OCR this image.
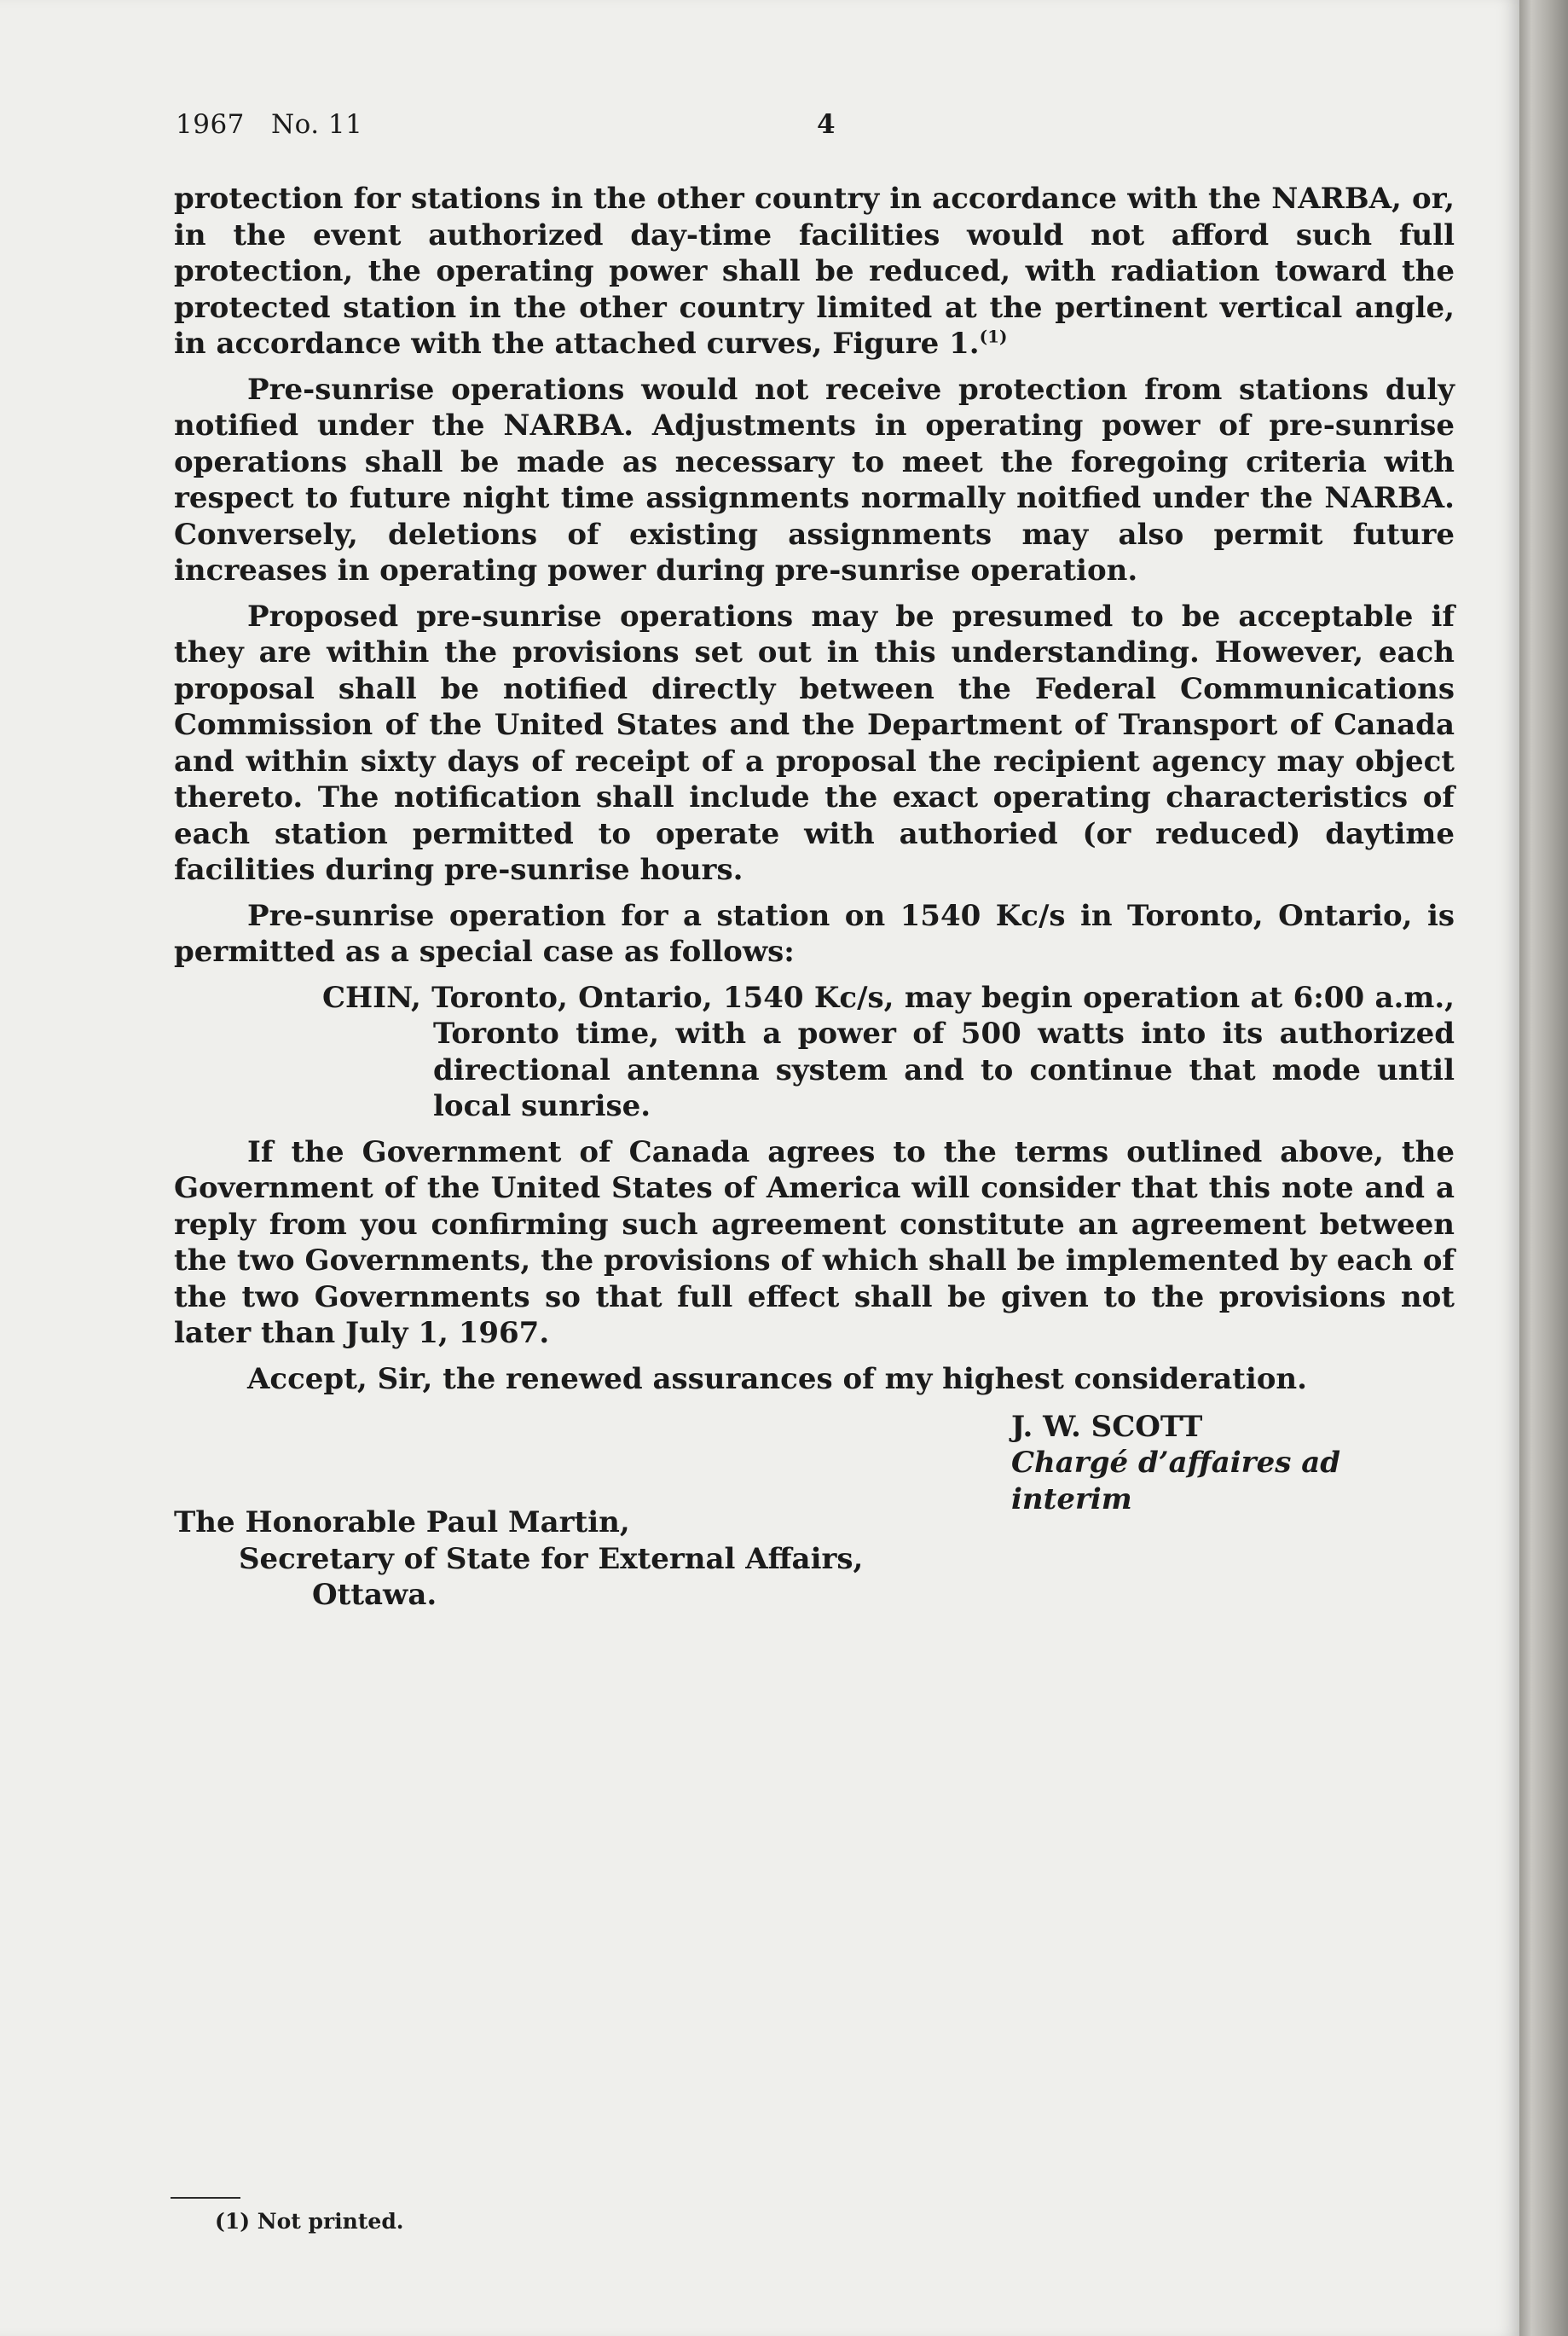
1967   No. 11	4

protection for stations in the other country in accordance with the NARBA, or, in the event authorized day-time facilities would not afford such full protection, the operating power shall be reduced, with radiation toward the protected station in the other country limited at the pertinent vertical angle, in accordance with the attached curves, Figure 1.$^{(1)}$

Pre-sunrise operations would not receive protection from stations duly notified under the NARBA. Adjustments in operating power of pre-sunrise operations shall be made as necessary to meet the foregoing criteria with respect to future night time assignments normally noitfied under the NARBA. Conversely, deletions of existing assignments may also permit future increases in operating power during pre-sunrise operation.

Proposed pre-sunrise operations may be presumed to be acceptable if they are within the provisions set out in this understanding. However, each proposal shall be notified directly between the Federal Communications Commission of the United States and the Department of Transport of Canada and within sixty days of receipt of a proposal the recipient agency may object thereto. The notification shall include the exact operating characteristics of each station permitted to operate with authoried (or reduced) daytime facilities during pre-sunrise hours.

Pre-sunrise operation for a station on 1540 Kc/s in Toronto, Ontario, is permitted as a special case as follows:

CHIN, Toronto, Ontario, 1540 Kc/s, may begin operation at 6:00 a.m., Toronto time, with a power of 500 watts into its authorized directional antenna system and to continue that mode until local sunrise.

If the Government of Canada agrees to the terms outlined above, the Government of the United States of America will consider that this note and a reply from you confirming such agreement constitute an agreement between the two Governments, the provisions of which shall be implemented by each of the two Governments so that full effect shall be given to the provisions not later than July 1, 1967.

Accept, Sir, the renewed assurances of my highest consideration.

J. W. SCOTT
Chargé d’affaires ad interim
The Honorable Paul Martin,
Secretary of State for External Affairs,
Ottawa.
(1) Not printed.
